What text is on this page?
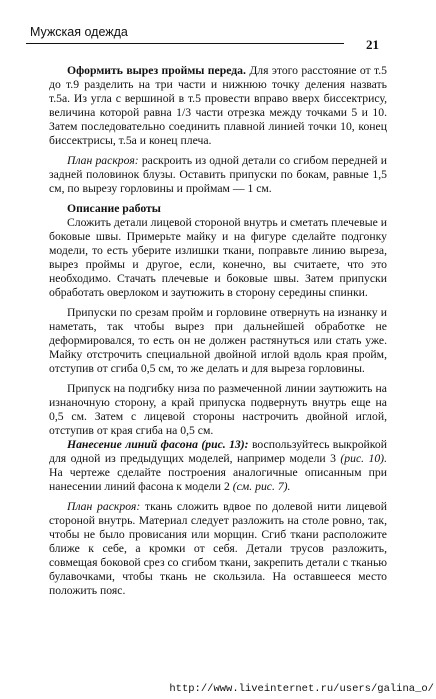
Мужская одежда
21

Оформить вырез проймы переда. Для этого расстояние от т.5 до т.9 разделить на три части и нижнюю точку деления назвать т.5а. Из угла с вершиной в т.5 провести вправо вверх биссектрису, величина которой равна 1/3 части отрезка между точками 5 и 10. Затем последовательно соединить плавной линией точки 10, конец биссектрисы, т.5а и конец плеча.

План раскроя: раскроить из одной детали со сгибом передней и задней половинок блузы. Оставить припуски по бокам, равные 1,5 см, по вырезу горловины и проймам — 1 см.

Описание работы

Сложить детали лицевой стороной внутрь и сметать плечевые и боковые швы. Примерьте майку и на фигуре сделайте подгонку модели, то есть уберите излишки ткани, поправьте линию выреза, вырез проймы и другое, если, конечно, вы считаете, что это необходимо. Стачать плечевые и боковые швы. Затем припуски обработать оверлоком и заутюжить в сторону середины спинки.

Припуски по срезам пройм и горловине отвернуть на изнанку и наметать, так чтобы вырез при дальнейшей обработке не деформировался, то есть он не должен растянуться или стать уже. Майку отстрочить специальной двойной иглой вдоль края пройм, отступив от сгиба 0,5 см, то же делать и для выреза горловины.

Припуск на подгибку низа по размеченной линии заутюжить на изнаночную сторону, а край припуска подвернуть внутрь еще на 0,5 см. Затем с лицевой стороны настрочить двойной иглой, отступив от края сгиба на 0,5 см.

Нанесение линий фасона (рис. 13): воспользуйтесь выкройкой для одной из предыдущих моделей, например модели 3 (рис. 10). На чертеже сделайте построения аналогичные описанным при нанесении линий фасона к модели 2 (см. рис. 7).

План раскроя: ткань сложить вдвое по долевой нити лицевой стороной внутрь. Материал следует разложить на столе ровно, так, чтобы не было провисания или морщин. Сгиб ткани расположите ближе к себе, а кромки от себя. Детали трусов разложить, совмещая боковой срез со сгибом ткани, закрепить детали с тканью булавочками, чтобы ткань не скользила. На оставшееся место положить пояс.

http://www.liveinternet.ru/users/galina_o/
